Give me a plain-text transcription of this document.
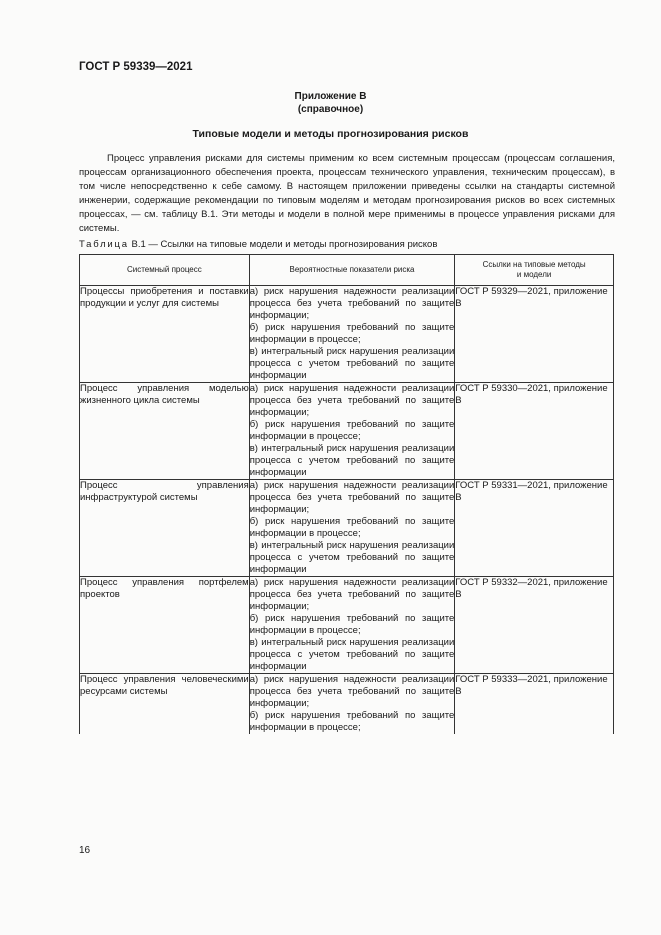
ГОСТ Р 59339—2021
Приложение В
(справочное)
Типовые модели и методы прогнозирования рисков

Процесс управления рисками для системы применим ко всем системным процессам (процессам соглашения, процессам организационного обеспечения проекта, процессам технического управления, техническим процессам), в том числе непосредственно к себе самому. В настоящем приложении приведены ссылки на стандарты системной инженерии, содержащие рекомендации по типовым моделям и методам прогнозирования рисков во всех системных процессах, — см. таблицу В.1. Эти методы и модели в полной мере применимы в процессе управления рисками для системы.

Таблица В.1 — Ссылки на типовые модели и методы прогнозирования рисков
Системный процесс	Вероятностные показатели риска	Ссылки на типовые методы
и модели
Процессы приобретения и поставки продукции и услуг для системы	а) риск нарушения надежности реализации процесса без учета требований по защите информации;	ГОСТ Р 59329—2021, приложение В
	б) риск нарушения требований по защите информации в процессе;	
	в) интегральный риск нарушения реализации процесса с учетом требований по защите информации	
Процесс управления моделью жизненного цикла системы	а) риск нарушения надежности реализации процесса без учета требований по защите информации;	ГОСТ Р 59330—2021, приложение В
	б) риск нарушения требований по защите информации в процессе;	
	в) интегральный риск нарушения реализации процесса с учетом требований по защите информации	
Процесс управления инфраструктурой системы	а) риск нарушения надежности реализации процесса без учета требований по защите информации;	ГОСТ Р 59331—2021, приложение В
	б) риск нарушения требований по защите информации в процессе;	
	в) интегральный риск нарушения реализации процесса с учетом требований по защите информации	
Процесс управления портфелем проектов	а) риск нарушения надежности реализации процесса без учета требований по защите информации;	ГОСТ Р 59332—2021, приложение В
	б) риск нарушения требований по защите информации в процессе;	
	в) интегральный риск нарушения реализации процесса с учетом требований по защите информации	
Процесс управления человеческими ресурсами системы	а) риск нарушения надежности реализации процесса без учета требований по защите информации;	ГОСТ Р 59333—2021, приложение В
	б) риск нарушения требований по защите информации в процессе;	
16
